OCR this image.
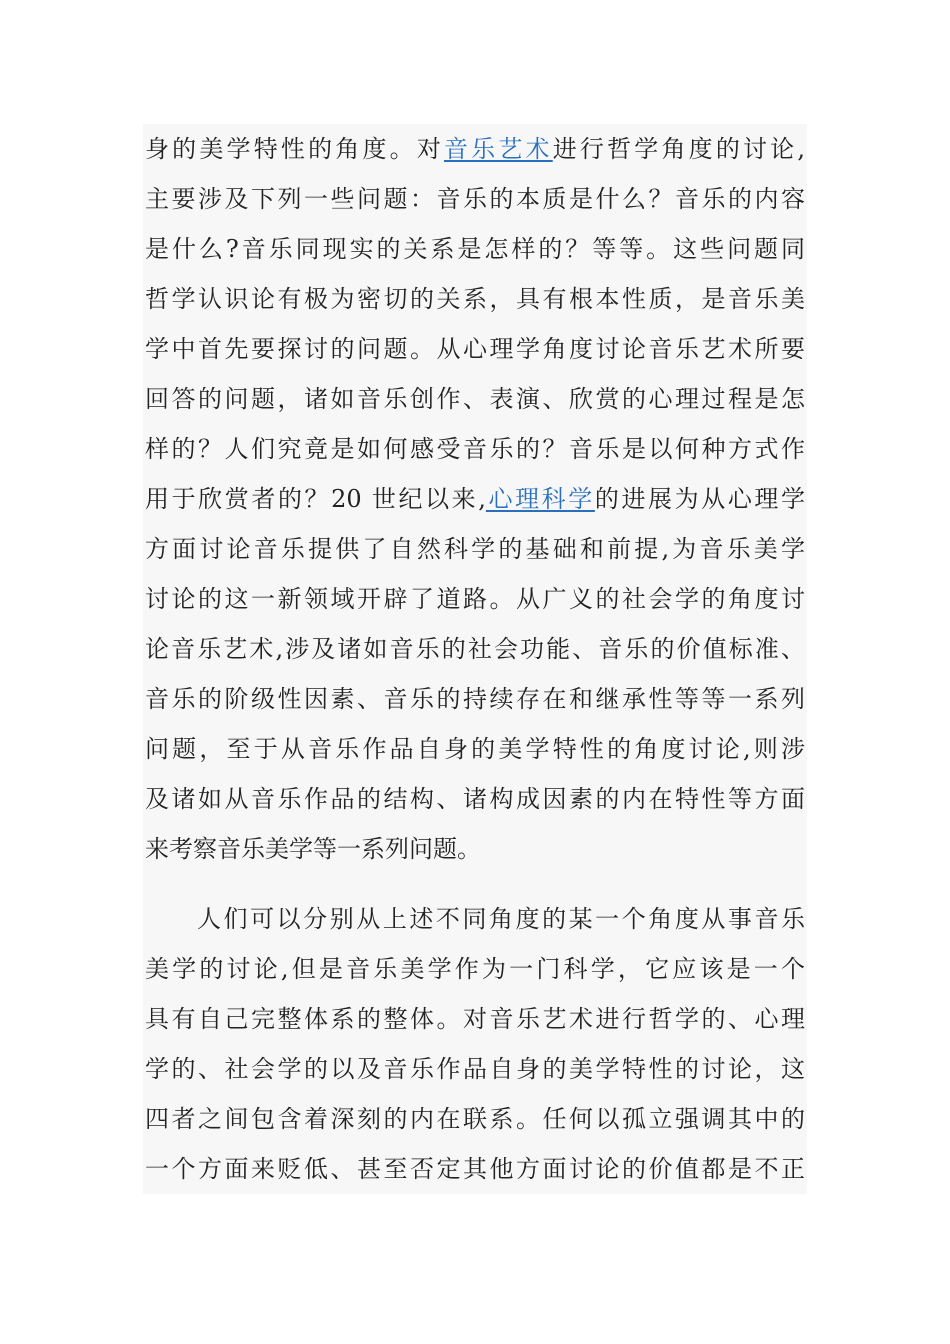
身的美学特性的角度。对音乐艺术进行哲学角度的讨论,
主要涉及下列一些问题：音乐的本质是什么？音乐的内容
是什么?音乐同现实的关系是怎样的？等等。这些问题同
哲学认识论有极为密切的关系，具有根本性质，是音乐美
学中首先要探讨的问题。从心理学角度讨论音乐艺术所要
回答的问题，诸如音乐创作、表演、欣赏的心理过程是怎
样的？人们究竟是如何感受音乐的？音乐是以何种方式作
用于欣赏者的？20 世纪以来,心理科学的进展为从心理学
方面讨论音乐提供了自然科学的基础和前提,为音乐美学
讨论的这一新领域开辟了道路。从广义的社会学的角度讨
论音乐艺术,涉及诸如音乐的社会功能、音乐的价值标准、
音乐的阶级性因素、音乐的持续存在和继承性等等一系列
问题，至于从音乐作品自身的美学特性的角度讨论,则涉
及诸如从音乐作品的结构、诸构成因素的内在特性等方面
来考察音乐美学等一系列问题。
人们可以分别从上述不同角度的某一个角度从事音乐
美学的讨论,但是音乐美学作为一门科学，它应该是一个
具有自己完整体系的整体。对音乐艺术进行哲学的、心理
学的、社会学的以及音乐作品自身的美学特性的讨论，这
四者之间包含着深刻的内在联系。任何以孤立强调其中的
一个方面来贬低、甚至否定其他方面讨论的价值都是不正
